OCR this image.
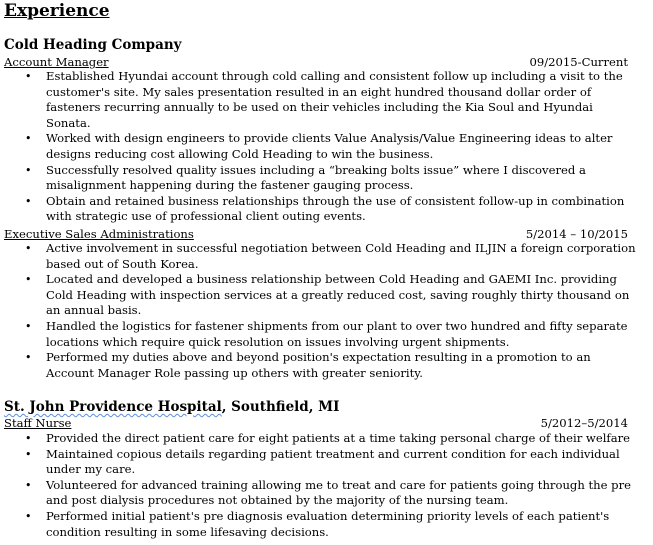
Experience
Cold Heading Company
Account Manager	09/2015-Current
• Established Hyundai account through cold calling and consistent follow up including a visit to the customer's site. My sales presentation resulted in an eight hundred thousand dollar order of fasteners recurring annually to be used on their vehicles including the Kia Soul and Hyundai Sonata.
• Worked with design engineers to provide clients Value Analysis/Value Engineering ideas to alter designs reducing cost allowing Cold Heading to win the business.
• Successfully resolved quality issues including a “breaking bolts issue” where I discovered a misalignment happening during the fastener gauging process.
• Obtain and retained business relationships through the use of consistent follow-up in combination with strategic use of professional client outing events.
Executive Sales Administrations	5/2014 – 10/2015
• Active involvement in successful negotiation between Cold Heading and ILJIN a foreign corporation based out of South Korea.
• Located and developed a business relationship between Cold Heading and GAEMI Inc. providing Cold Heading with inspection services at a greatly reduced cost, saving roughly thirty thousand on an annual basis.
• Handled the logistics for fastener shipments from our plant to over two hundred and fifty separate locations which require quick resolution on issues involving urgent shipments.
• Performed my duties above and beyond position's expectation resulting in a promotion to an Account Manager Role passing up others with greater seniority.
St. John Providence Hospital, Southfield, MI
Staff Nurse	5/2012–5/2014
• Provided the direct patient care for eight patients at a time taking personal charge of their welfare
• Maintained copious details regarding patient treatment and current condition for each individual under my care.
• Volunteered for advanced training allowing me to treat and care for patients going through the pre and post dialysis procedures not obtained by the majority of the nursing team.
• Performed initial patient's pre diagnosis evaluation determining priority levels of each patient's condition resulting in some lifesaving decisions.
